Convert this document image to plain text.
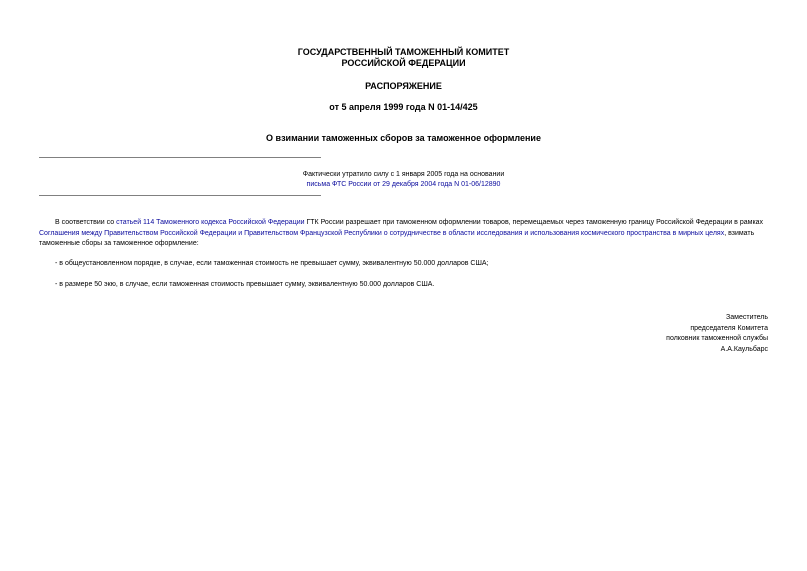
ГОСУДАРСТВЕННЫЙ ТАМОЖЕННЫЙ КОМИТЕТ

РОССИЙСКОЙ ФЕДЕРАЦИИ

РАСПОРЯЖЕНИЕ

от 5 апреля 1999 года N 01-14/425

О взимании таможенных сборов за таможенное оформление

Фактически утратило силу с 1 января 2005 года на основании
письма ФТС России от 29 декабря 2004 года N 01-06/12890

В соответствии со статьей 114 Таможенного кодекса Российской Федерации ГТК России разрешает при таможенном оформлении товаров, перемещаемых через таможенную границу Российской Федерации в рамках Соглашения между Правительством Российской Федерации и Правительством Французской Республики о сотрудничестве в области исследования и использования космического пространства в мирных целях, взимать таможенные сборы за таможенное оформление:

- в общеустановленном порядке, в случае, если таможенная стоимость не превышает сумму, эквивалентную 50.000 долларов США;

- в размере 50 экю, в случае, если таможенная стоимость превышает сумму, эквивалентную 50.000 долларов США.

Заместитель
председателя Комитета
полковник таможенной службы
А.А.Каульбарс
